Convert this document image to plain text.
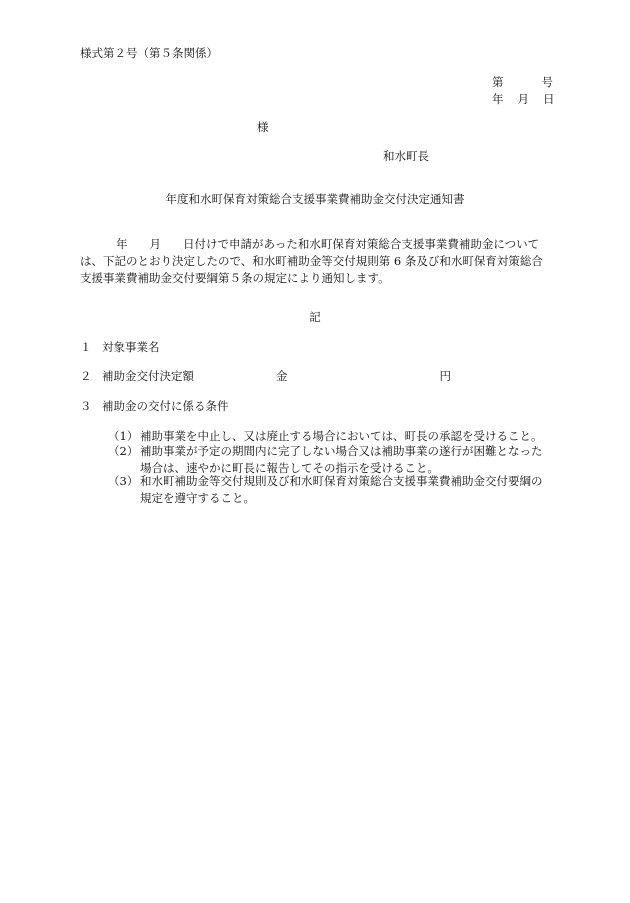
様式第２号（第５条関係）
第	号
年 月 日
様
和水町長
年度和水町保育対策総合支援事業費補助金交付決定通知書
年 月 日付けで申請があった和水町保育対策総合支援事業費補助金について
は、下記のとおり決定したので、和水町補助金等交付規則第 6 条及び和水町保育対策総合
支援事業費補助金交付要綱第５条の規定により通知します。
記
１ 対象事業名
２ 補助金交付決定額	金	円
３ 補助金の交付に係る条件
（1） 補助事業を中止し、又は廃止する場合においては、町長の承認を受けること。
（2） 補助事業が予定の期間内に完了しない場合又は補助事業の遂行が困難となった
場合は、速やかに町長に報告してその指示を受けること。
（3） 和水町補助金等交付規則及び和水町保育対策総合支援事業費補助金交付要綱の
規定を遵守すること。
